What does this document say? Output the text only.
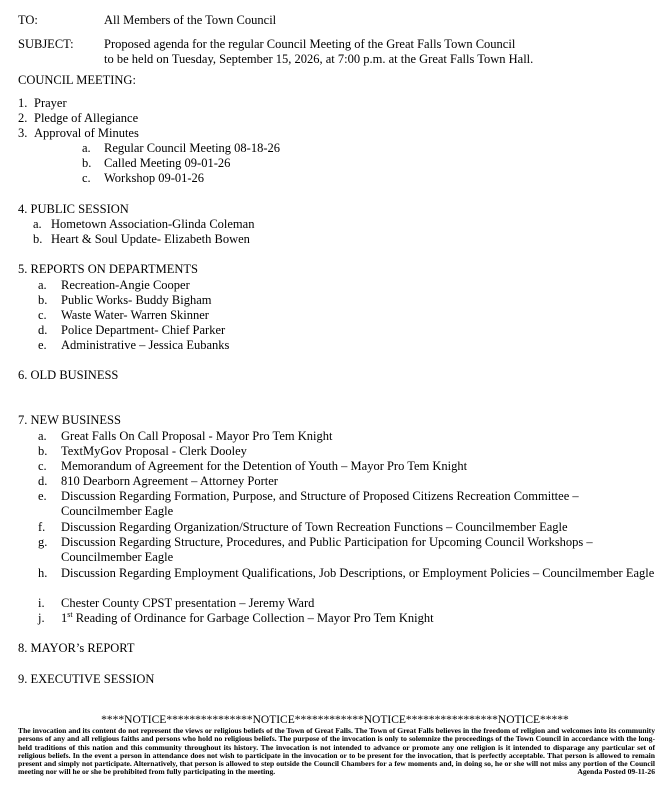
TO:	All Members of the Town Council
SUBJECT: Proposed agenda for the regular Council Meeting of the Great Falls Town Council
to be held on Tuesday, September 15, 2026, at 7:00 p.m. at the Great Falls Town Hall.
COUNCIL MEETING:
1. Prayer
2. Pledge of Allegiance
3. Approval of Minutes
a. Regular Council Meeting 08-18-26
b. Called Meeting 09-01-26
c. Workshop 09-01-26
4. PUBLIC SESSION
a. Hometown Association-Glinda Coleman
b. Heart & Soul Update- Elizabeth Bowen
5. REPORTS ON DEPARTMENTS
a. Recreation-Angie Cooper
b. Public Works- Buddy Bigham
c. Waste Water- Warren Skinner
d. Police Department- Chief Parker
e. Administrative – Jessica Eubanks
6. OLD BUSINESS
7. NEW BUSINESS
a. Great Falls On Call Proposal - Mayor Pro Tem Knight
b. TextMyGov Proposal - Clerk Dooley
c. Memorandum of Agreement for the Detention of Youth – Mayor Pro Tem Knight
d. 810 Dearborn Agreement – Attorney Porter
e. Discussion Regarding Formation, Purpose, and Structure of Proposed Citizens Recreation Committee – Councilmember Eagle
f. Discussion Regarding Organization/Structure of Town Recreation Functions – Councilmember Eagle
g. Discussion Regarding Structure, Procedures, and Public Participation for Upcoming Council Workshops – Councilmember Eagle
h. Discussion Regarding Employment Qualifications, Job Descriptions, or Employment Policies – Councilmember Eagle
i. Chester County CPST presentation – Jeremy Ward
j. 1st Reading of Ordinance for Garbage Collection – Mayor Pro Tem Knight
8. MAYOR’s REPORT
9. EXECUTIVE SESSION
****NOTICE***************NOTICE************NOTICE****************NOTICE*****
The invocation and its content do not represent the views or religious beliefs of the Town of Great Falls. The Town of Great Falls believes in the freedom of religion and welcomes into its community persons of any and all religious faiths and persons who hold no religious beliefs. The purpose of the invocation is only to solemnize the proceedings of the Town Council in accordance with the long-held traditions of this nation and this community throughout its history. The invocation is not intended to advance or promote any one religion is it intended to disparage any particular set of religious beliefs. In the event a person in attendance does not wish to participate in the invocation or to be present for the invocation, that is perfectly acceptable. That person is allowed to remain present and simply not participate. Alternatively, that person is allowed to step outside the Council Chambers for a few moments and, in doing so, he or she will not miss any portion of the Council meeting nor will he or she be prohibited from fully participating in the meeting.	Agenda Posted 09-11-26
